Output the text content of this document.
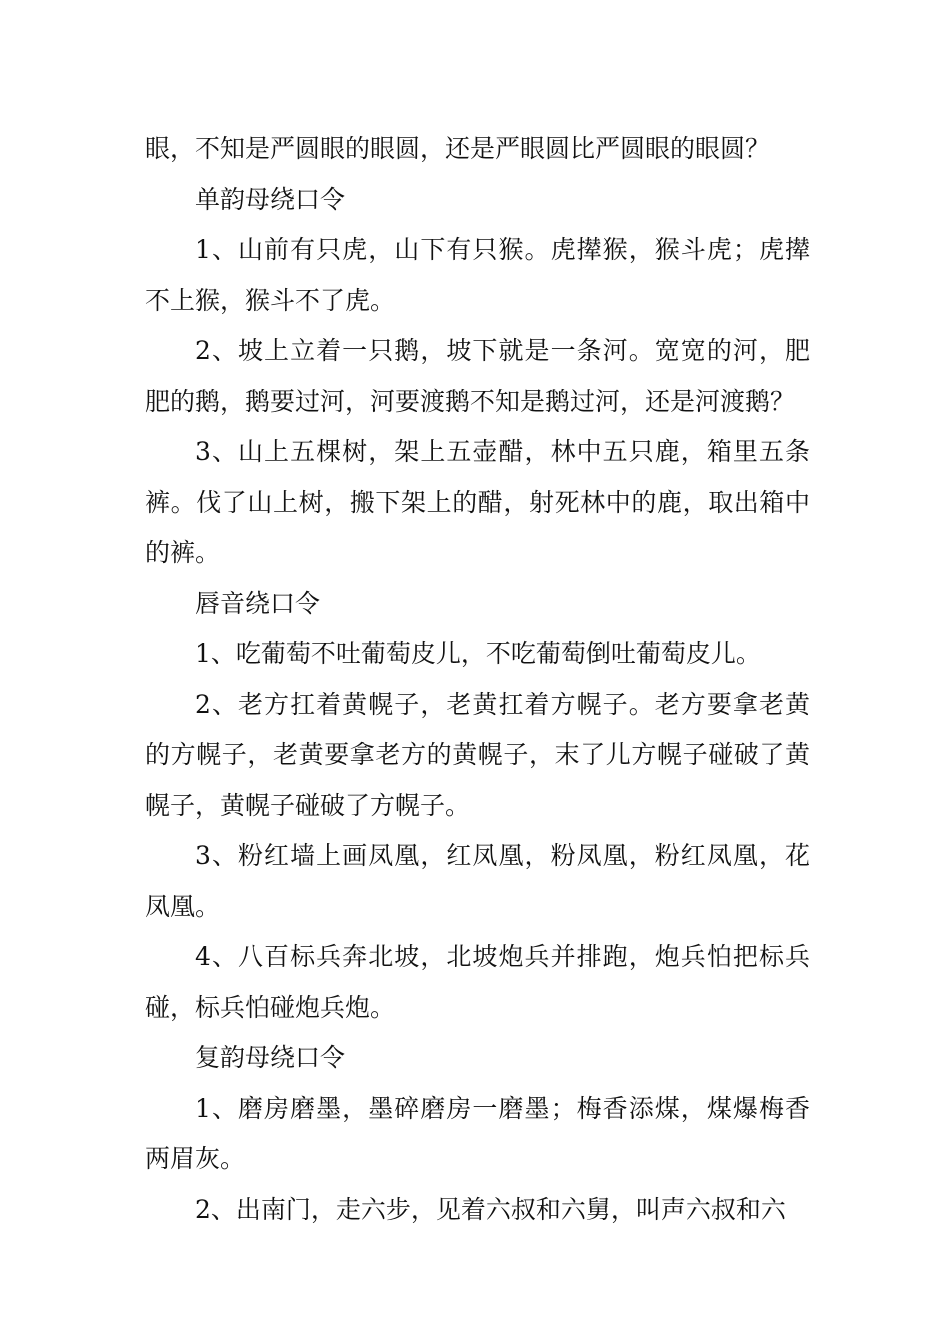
眼，不知是严圆眼的眼圆，还是严眼圆比严圆眼的眼圆？

单韵母绕口令

1、山前有只虎，山下有只猴。虎撵猴，猴斗虎；虎撵不上猴，猴斗不了虎。

2、坡上立着一只鹅，坡下就是一条河。宽宽的河，肥肥的鹅，鹅要过河，河要渡鹅不知是鹅过河，还是河渡鹅？

3、山上五棵树，架上五壶醋，林中五只鹿，箱里五条裤。伐了山上树，搬下架上的醋，射死林中的鹿，取出箱中的裤。

唇音绕口令

1、吃葡萄不吐葡萄皮儿，不吃葡萄倒吐葡萄皮儿。

2、老方扛着黄幌子，老黄扛着方幌子。老方要拿老黄的方幌子，老黄要拿老方的黄幌子，末了儿方幌子碰破了黄幌子，黄幌子碰破了方幌子。

3、粉红墙上画凤凰，红凤凰，粉凤凰，粉红凤凰，花凤凰。

4、八百标兵奔北坡，北坡炮兵并排跑，炮兵怕把标兵碰，标兵怕碰炮兵炮。

复韵母绕口令

1、磨房磨墨，墨碎磨房一磨墨；梅香添煤，煤爆梅香两眉灰。

2、出南门，走六步，见着六叔和六舅，叫声六叔和六
